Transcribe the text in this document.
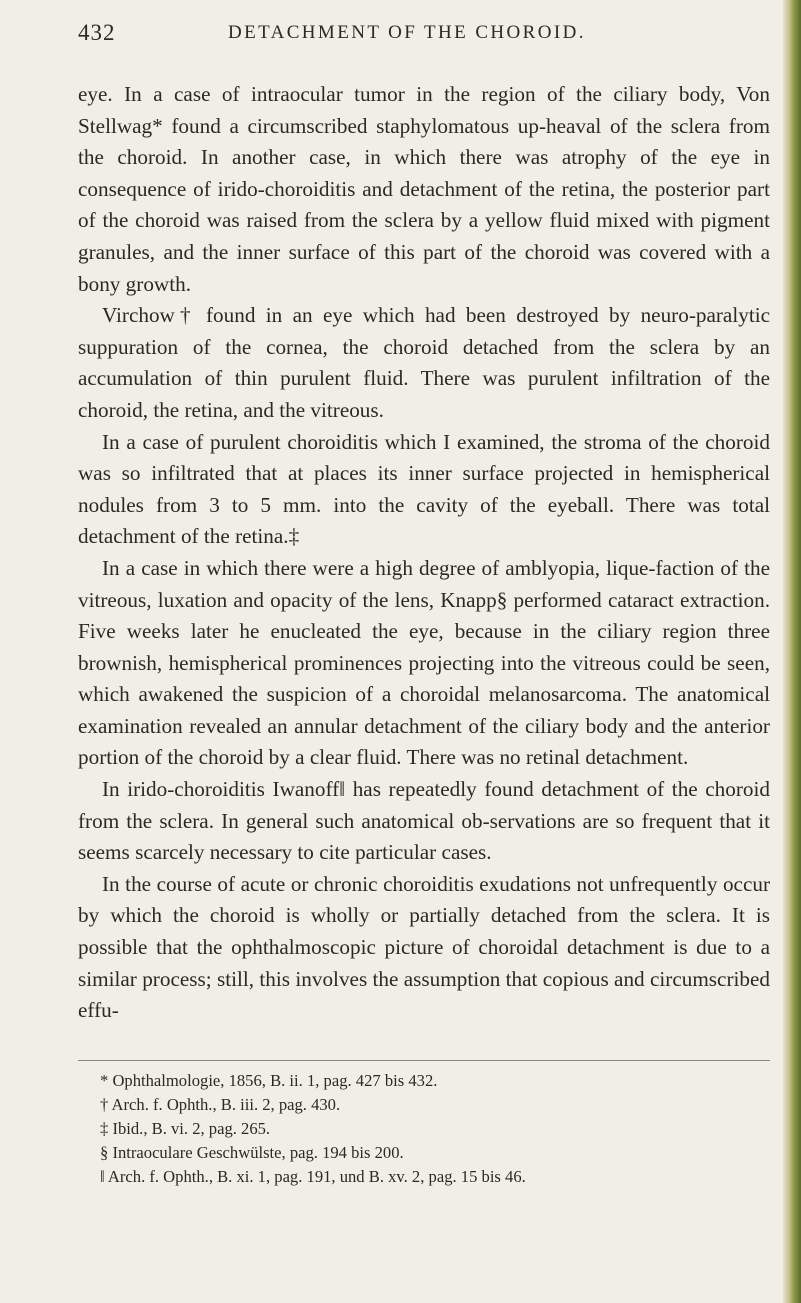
432	DETACHMENT OF THE CHOROID.

eye. In a case of intraocular tumor in the region of the ciliary body, Von Stellwag* found a circumscribed staphylomatous up-heaval of the sclera from the choroid. In another case, in which there was atrophy of the eye in consequence of irido-choroiditis and detachment of the retina, the posterior part of the choroid was raised from the sclera by a yellow fluid mixed with pigment granules, and the inner surface of this part of the choroid was covered with a bony growth.

Virchow† found in an eye which had been destroyed by neuro-paralytic suppuration of the cornea, the choroid detached from the sclera by an accumulation of thin purulent fluid. There was purulent infiltration of the choroid, the retina, and the vitreous.

In a case of purulent choroiditis which I examined, the stroma of the choroid was so infiltrated that at places its inner surface projected in hemispherical nodules from 3 to 5 mm. into the cavity of the eyeball. There was total detachment of the retina.‡

In a case in which there were a high degree of amblyopia, lique-faction of the vitreous, luxation and opacity of the lens, Knapp§ performed cataract extraction. Five weeks later he enucleated the eye, because in the ciliary region three brownish, hemispherical prominences projecting into the vitreous could be seen, which awakened the suspicion of a choroidal melanosarcoma. The anatomical examination revealed an annular detachment of the ciliary body and the anterior portion of the choroid by a clear fluid. There was no retinal detachment.

In irido-choroiditis Iwanoff‖ has repeatedly found detachment of the choroid from the sclera. In general such anatomical ob-servations are so frequent that it seems scarcely necessary to cite particular cases.

In the course of acute or chronic choroiditis exudations not unfrequently occur by which the choroid is wholly or partially detached from the sclera. It is possible that the ophthalmoscopic picture of choroidal detachment is due to a similar process; still, this involves the assumption that copious and circumscribed effu-

* Ophthalmologie, 1856, B. ii. 1, pag. 427 bis 432.

† Arch. f. Ophth., B. iii. 2, pag. 430.

‡ Ibid., B. vi. 2, pag. 265.

§ Intraoculare Geschwülste, pag. 194 bis 200.

‖ Arch. f. Ophth., B. xi. 1, pag. 191, und B. xv. 2, pag. 15 bis 46.
